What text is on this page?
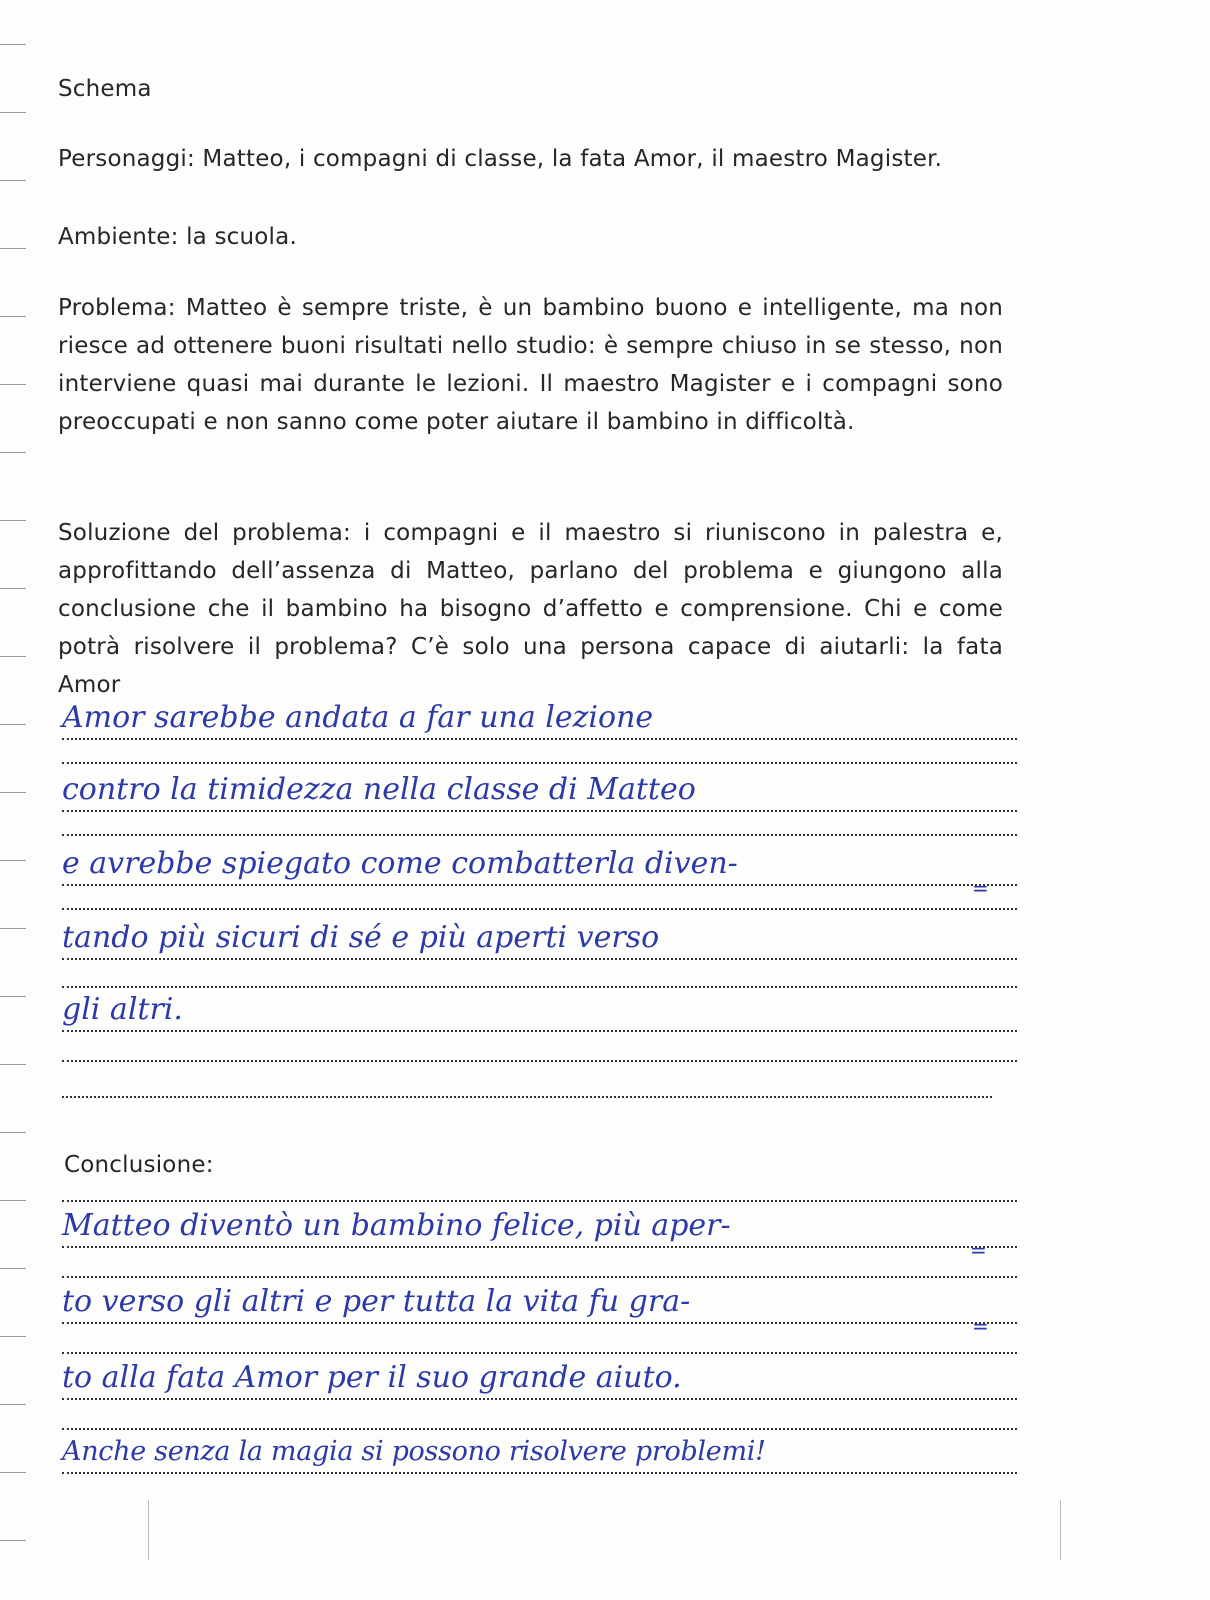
Schema
Personaggi: Matteo, i compagni di classe, la fata Amor, il maestro Magister.
Ambiente: la scuola.
Problema: Matteo è sempre triste, è un bambino buono e intelligente, ma non riesce ad ottenere buoni risultati nello studio: è sempre chiuso in se stesso, non interviene quasi mai durante le lezioni. Il maestro Magister e i compagni sono preoccupati e non sanno come poter aiutare il bambino in difficoltà.
Soluzione del problema: i compagni e il maestro si riuniscono in palestra e, approfittando dell’assenza di Matteo, parlano del problema e giungono alla conclusione che il bambino ha bisogno d’affetto e comprensione. Chi e come potrà risolvere il problema? C’è solo una persona capace di aiutarli: la fata Amor
Amor sarebbe andata a far una lezione
contro la timidezza nella classe di Matteo
e avrebbe spiegato come combatterla diven-
=
tando più sicuri di sé e più aperti verso
gli altri.
Conclusione:
Matteo diventò un bambino felice, più aper-
=
to verso gli altri e per tutta la vita fu gra-
=
to alla fata Amor per il suo grande aiuto.
Anche senza la magia si possono risolvere problemi!
